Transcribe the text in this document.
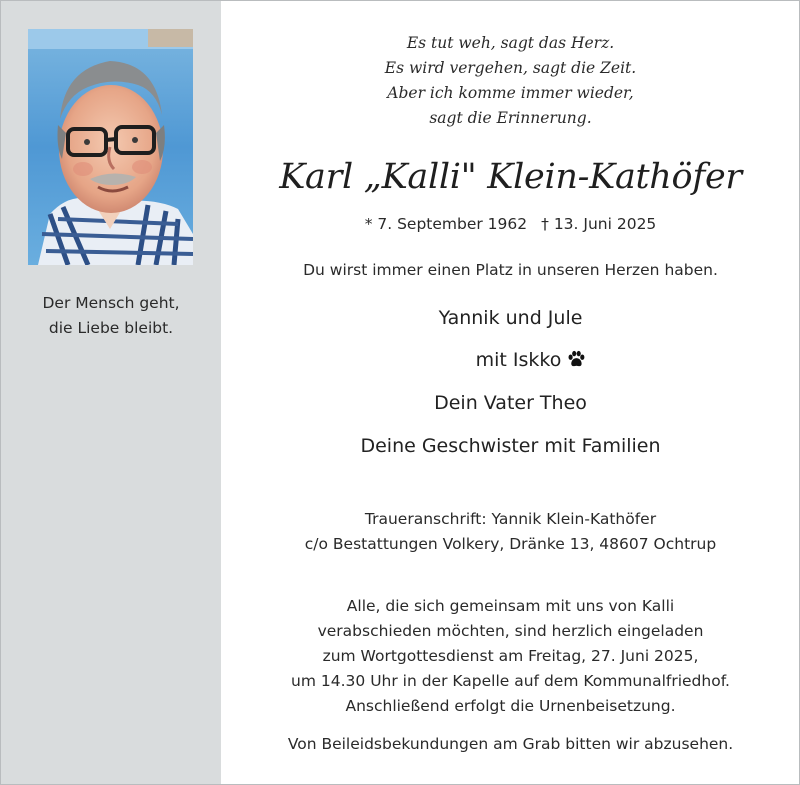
Der Mensch geht,
die Liebe bleibt.
Es tut weh, sagt das Herz.
Es wird vergehen, sagt die Zeit.
Aber ich komme immer wieder,
sagt die Erinnerung.
Karl „Kalli" Klein-Kathöfer
* 7. September 1962 † 13. Juni 2025
Du wirst immer einen Platz in unseren Herzen haben.
Yannik und Jule
mit Iskko
Dein Vater Theo
Deine Geschwister mit Familien
Traueranschrift: Yannik Klein-Kathöfer
c/o Bestattungen Volkery, Dränke 13, 48607 Ochtrup
Alle, die sich gemeinsam mit uns von Kalli
verabschieden möchten, sind herzlich eingeladen
zum Wortgottesdienst am Freitag, 27. Juni 2025,
um 14.30 Uhr in der Kapelle auf dem Kommunalfriedhof.
Anschließend erfolgt die Urnenbeisetzung.
Von Beileidsbekundungen am Grab bitten wir abzusehen.
